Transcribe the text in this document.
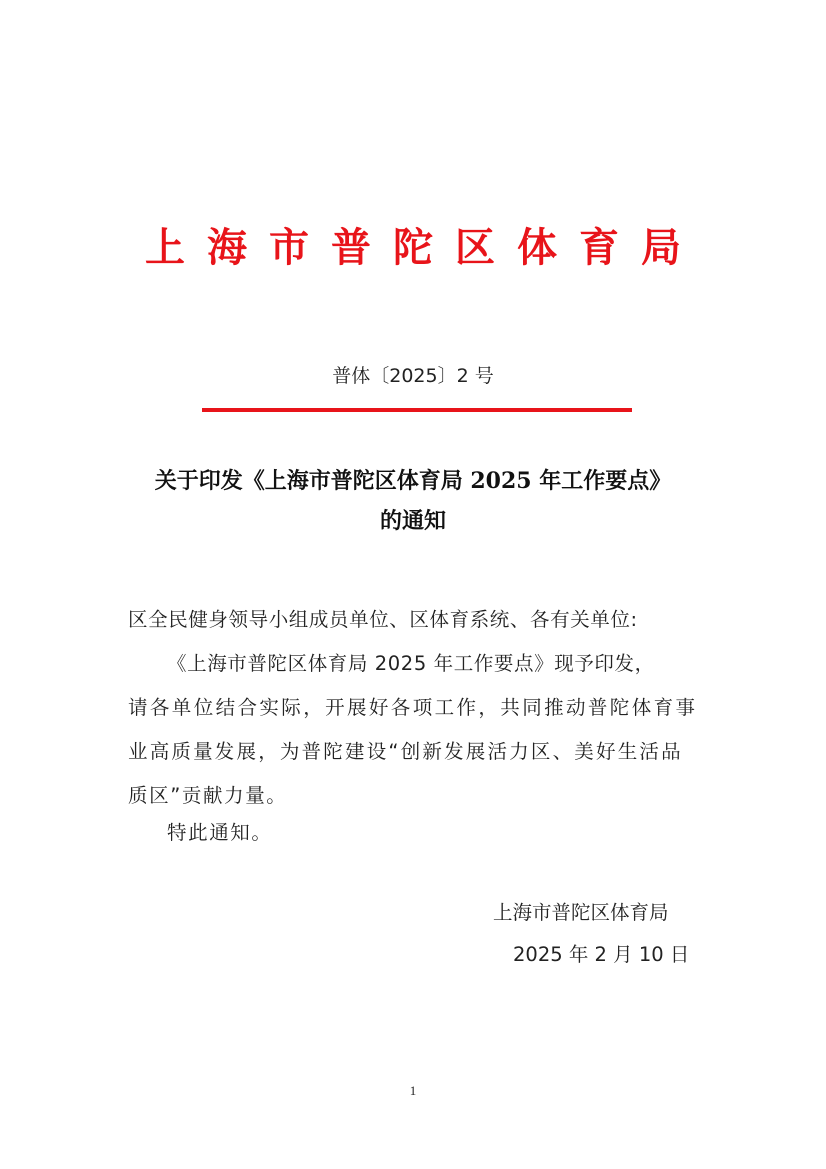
上海市普陀区体育局
普体〔2025〕2 号
关于印发《上海市普陀区体育局 2025 年工作要点》
的通知
区全民健身领导小组成员单位、区体育系统、各有关单位:
《上海市普陀区体育局 2025 年工作要点》现予印发，
请各单位结合实际，开展好各项工作，共同推动普陀体育事
业高质量发展，为普陀建设“创新发展活力区、美好生活品
质区”贡献力量。
特此通知。
上海市普陀区体育局
2025 年 2 月 10 日
1
